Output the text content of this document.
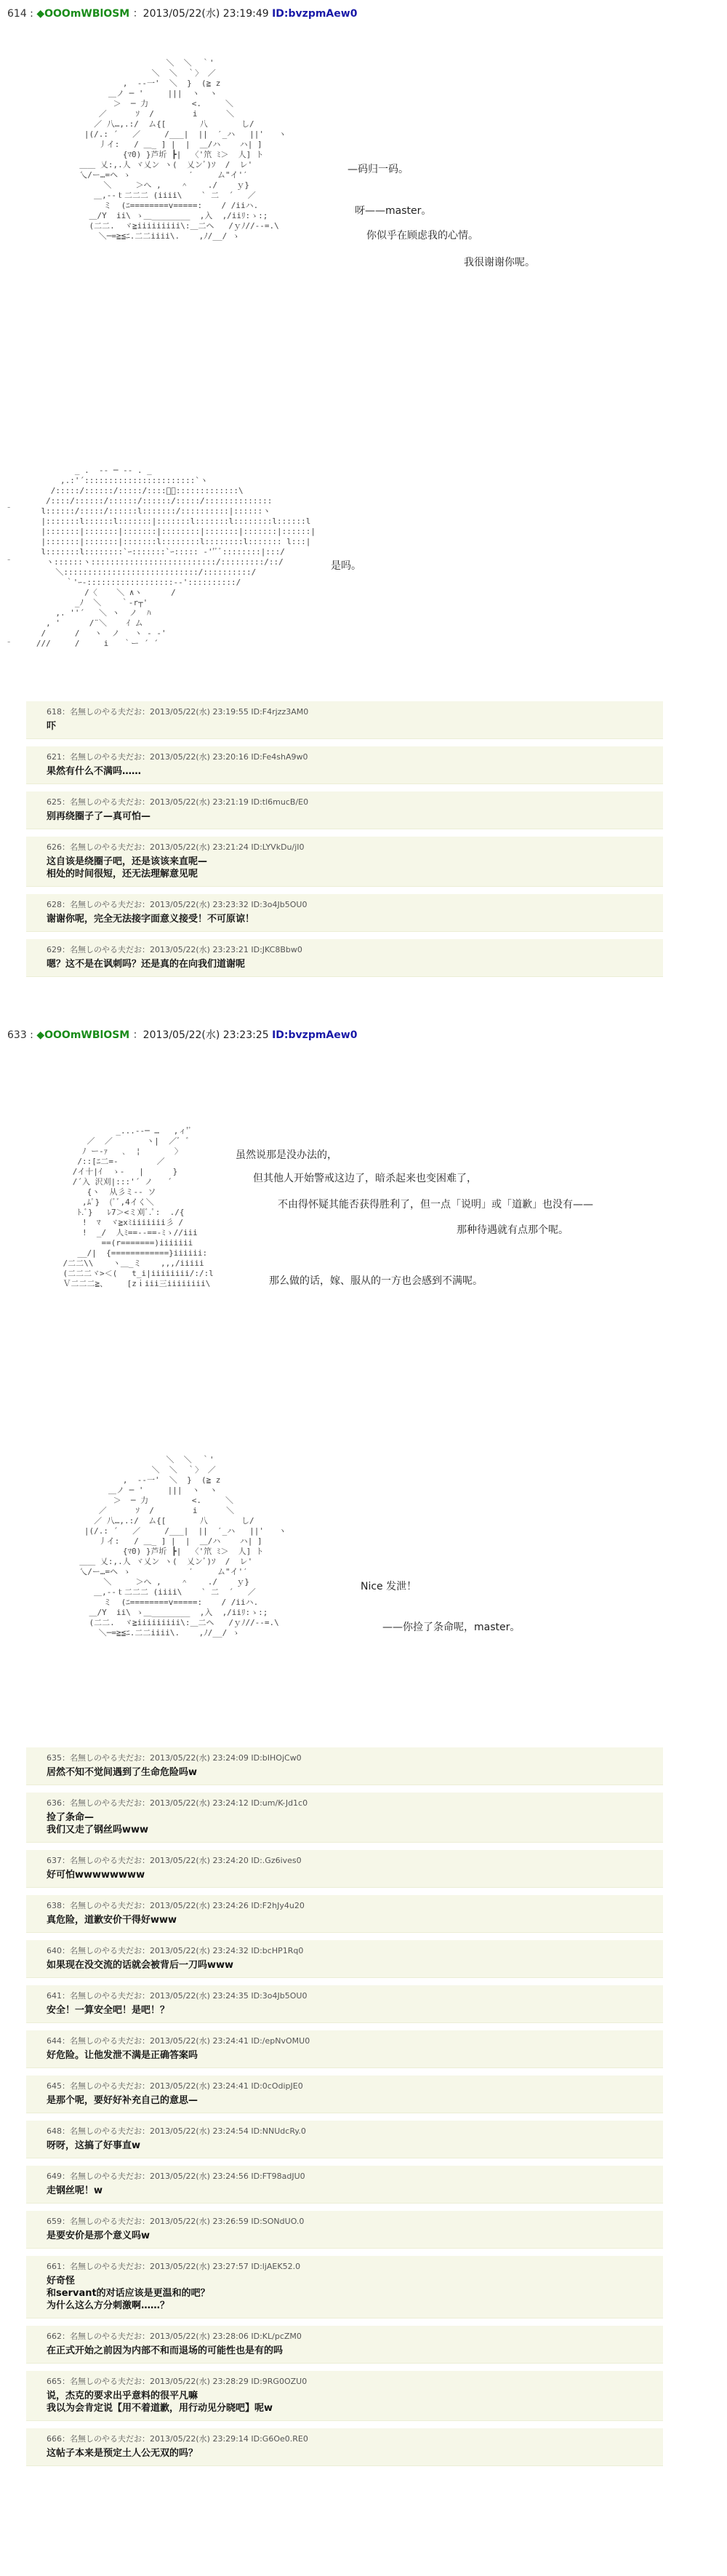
614 : ◆OOOmWBlOSM ：2013/05/22(水) 23:19:49 ID:bvzpmAew0
＼  ＼  ｀'
＼  ＼  ｀〉 ／
,  --一'  ＼  }  (≧ z
＿ノ ─ '     |||  ヽ  ヽ
＞  ─ 力         <.     ＼
／      ｿ  /        i      ＼
／ 八…,.:/  ム{[       八       し/
|(/.: ´   ／     /___|  ||  ′_ハ   ||'   ヽ
丿イ:   / ＿_ ] |  |  ＿/ハ    ハ| ]
{ﾏ0) }芦圻 ┣|  〈'笊 ﾐ＞  人] ト
＿＿ 乂:,.人 ヾ乂ン ヽ(  乂ンﾞ)ｿ  /  レ'
乀/ー…=ヘ ゝ            ′     ム"イ'′
＼     ＞へ ,    ＾    ./    ｙ}
＿,--ｔ二二二 (iiii\    ` 二  ´   ／
ミ  (ﾆ========v=====:    / /iiハ.
＿/Y  ii\ ゝ＿________  ,入  ,/iiﾘ:ゝ:;
(二二.  ヾ≧iiiiiiiii\:＿二ヘ   /ｙﾉ//--=.\
＼─=≧≦ﾆ.二二iiii\.    ,ﾉ/__/ ゝ
—码归一码。
呀——master。
你似乎在顾虑我的心情。
我很谢谢你呢。
_ .  -- ─ -- . _
,.:'´:::::::::::::::::::::::`ヽ
/:::::/::::::/:::::/::::ﾞｰ:::::::::::::\
/::::/::::::/::::::/::::::/:::::/::::::::::::::
l::::::/:::::/::::::l:::::::/::::::::::|::::::ヽ
|:::::::l::::::l:::::::|:::::::l:::::::l::::::::l::::::l
|:::::::|:::::::|:::::::|::::::::|:::::::|:::::::|::::::|
|:::::::|:::::::|:::::::l::::::::l::::::::l::::::: l:::|
l:::::::l::::::::`ｰ:::::::`ｰ::::: ‐''ﾞﾞ::::::::|:::/
ヽ::::::ヽ::::::::::::::::::::::::::/:::::::::/::/
＼::::::::::::::::::::::::::::/::::::::::/
｀'ｰ-::::::::::::::::::-‐'::::::::::/
/〈    ＼ ∧ヽ      /
_ﾉ  ＼    ｀‐r┬'
,. ''´   ＼ ヽ  ノ  ﾊ
, '      /¨＼    ｲ ム
/      /   ヽ  ノ   ヽ ‐ ‐'
///     /     i   ｀ー ´ ´
是吗。
-
-
-
618：名無しのやる夫だお：2013/05/22(水) 23:19:55 ID:F4rjzz3AM0
吓
621：名無しのやる夫だお：2013/05/22(水) 23:20:16 ID:Fe4shA9w0
果然有什么不满吗……
625：名無しのやる夫だお：2013/05/22(水) 23:21:19 ID:tl6mucB/E0
别再绕圈子了—真可怕—
626：名無しのやる夫だお：2013/05/22(水) 23:21:24 ID:LYVkDu/jI0
这自该是绕圈子吧，还是该该来直呢—
相处的时间很短，还无法理解意见呢
628：名無しのやる夫だお：2013/05/22(水) 23:23:32 ID:3o4Jb5OU0
谢谢你呢，完全无法接字面意义接受！不可原谅！
629：名無しのやる夫だお：2013/05/22(水) 23:23:21 ID:JKC8Bbw0
嗯？这不是在讽刺吗？还是真的在向我们道谢呢
633 : ◆OOOmWBlOSM ：2013/05/22(水) 23:23:25 ID:bvzpmAew0
_...--─ …   ,ィ'ﾞ
／  ／       ヽ|  ／ﾞ ゛
ﾉ ー-ｧ   ､  ¦       〉
/::[ﾆ二=-        ／
/イ十|ｲ  ゝ-   |      }
/´入 沢刈|:::'´ ノ   ´
{ヽ  从彡ミ-- ソ
,ﾑﾟ}  (ﾞﾞ,4イく＼
ﾄ.ﾞ}   ﾚ7＞<ミ刈ﾞ.ﾟ:  ./{
!  ﾏ  ヾ≧xﾐiiiiiii彡 /
!  _/  人ﾐ==--==-ﾐゝ//iii
==(r=======)iiiiiii
__/|  {============}iiiiii:
/二二\\    ヽ＿_ミ    ,,,/iiiii
(二二二ヾ>＜(   t_i|iiiiiiii/:/:l
Ｖ二二二≧、    [zｉiii三iiiiiiii\
虽然说那是没办法的，
但其他人开始警戒这边了，暗杀起来也变困难了，
不由得怀疑其能否获得胜利了，但一点「说明」或「道歉」也没有——
那种待遇就有点那个呢。
那么做的话，嫁、服从的一方也会感到不满呢。
＼  ＼  ｀'
＼  ＼  ｀〉 ／
,  --一'  ＼  }  (≧ z
＿ノ ─ '     |||  ヽ  ヽ
＞  ─ 力         <.     ＼
／      ｿ  /        i      ＼
／ 八…,.:/  ム{[       八       し/
|(/.: ´   ／     /___|  ||  ′_ハ   ||'   ヽ
丿イ:   / ＿_ ] |  |  ＿/ハ    ハ| ]
{ﾏ0) }芦圻 ┣|  〈'笊 ﾐ＞  人] ト
＿＿ 乂:,.人 ヾ乂ン ヽ(  乂ンﾞ)ｿ  /  レ'
乀/ー…=ヘ ゝ            ′     ム"イ'′
＼     ＞へ ,    ＾    ./    ｙ}
＿,--ｔ二二二 (iiii\    ` 二  ´   ／
ミ  (ﾆ========v=====:    / /iiハ.
＿/Y  ii\ ゝ＿________  ,入  ,/iiﾘ:ゝ:;
(二二.  ヾ≧iiiiiiiii\:＿二ヘ   /ｙﾉ//--=.\
＼─=≧≦ﾆ.二二iiii\.    ,ﾉ/__/ ゝ
Nice 发泄！
——你捡了条命呢，master。
635：名無しのやる夫だお：2013/05/22(水) 23:24:09 ID:bIHOjCw0
居然不知不觉间遇到了生命危险吗w
636：名無しのやる夫だお：2013/05/22(水) 23:24:12 ID:um/K-Jd1c0
捡了条命—
我们又走了钢丝吗www
637：名無しのやる夫だお：2013/05/22(水) 23:24:20 ID:.Gz6ives0
好可怕wwwwwwww
638：名無しのやる夫だお：2013/05/22(水) 23:24:26 ID:F2hJy4u20
真危险，道歉安价干得好www
640：名無しのやる夫だお：2013/05/22(水) 23:24:32 ID:bcHP1Rq0
如果现在没交流的话就会被背后一刀吗www
641：名無しのやる夫だお：2013/05/22(水) 23:24:35 ID:3o4Jb5OU0
安全！一算安全吧！是吧！？
644：名無しのやる夫だお：2013/05/22(水) 23:24:41 ID:/epNvOMU0
好危险。让他发泄不满是正确答案吗
645：名無しのやる夫だお：2013/05/22(水) 23:24:41 ID:0cOdipJE0
是那个呢，要好好补充自己的意思—
648：名無しのやる夫だお：2013/05/22(水) 23:24:54 ID:NNUdcRy.0
呀呀，这搞了好事直w
649：名無しのやる夫だお：2013/05/22(水) 23:24:56 ID:FT98adJU0
走钢丝呢！w
659：名無しのやる夫だお：2013/05/22(水) 23:26:59 ID:SONdUO.0
是要安价是那个意义吗w
661：名無しのやる夫だお：2013/05/22(水) 23:27:57 ID:ljAEK52.0
好奇怪
和servant的对话应该是更温和的吧？
为什么这么方分刺激啊……？
662：名無しのやる夫だお：2013/05/22(水) 23:28:06 ID:KL/pcZM0
在正式开始之前因为内部不和而退场的可能性也是有的吗
665：名無しのやる夫だお：2013/05/22(水) 23:28:29 ID:9RG0OZU0
说，杰克的要求出乎意料的很平凡嘛
我以为会肯定说【用不着道歉，用行动见分晓吧】呢w
666：名無しのやる夫だお：2013/05/22(水) 23:29:14 ID:G6Oe0.RE0
这帖子本来是预定土人公无双的吗？
